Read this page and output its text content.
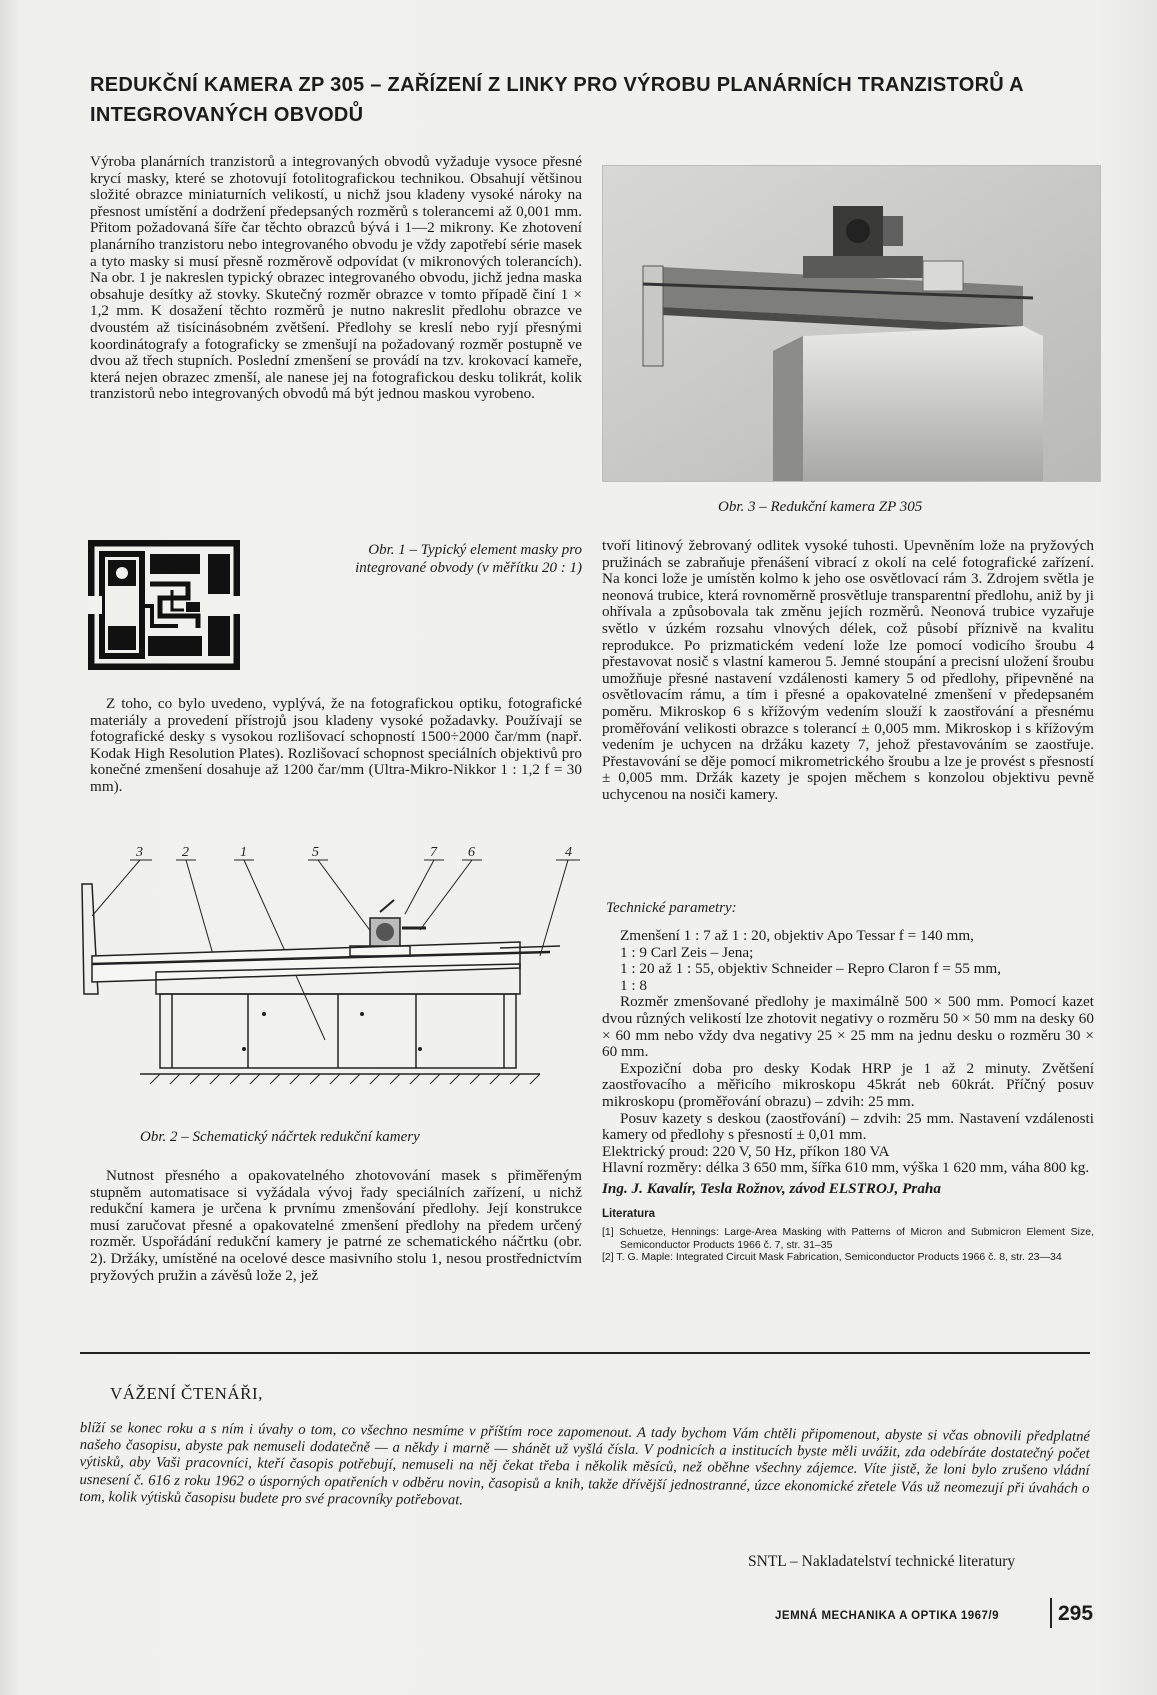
REDUKČNÍ KAMERA ZP 305 – ZAŘÍZENÍ Z LINKY PRO VÝROBU PLANÁRNÍCH TRANZISTORŮ A INTEGROVANÝCH OBVODŮ

Výroba planárních tranzistorů a integrovaných obvodů vyžaduje vysoce přesné krycí masky, které se zhotovují fotolitografickou technikou. Obsahují většinou složité obrazce miniaturních velikostí, u nichž jsou kladeny vysoké nároky na přesnost umístění a dodržení předepsaných rozměrů s tolerancemi až 0,001 mm. Přitom požadovaná šíře čar těchto obrazců bývá i 1—2 mikrony. Ke zhotovení planárního tranzistoru nebo integrovaného obvodu je vždy zapotřebí série masek a tyto masky si musí přesně rozměrově odpovídat (v mikronových tolerancích). Na obr. 1 je nakreslen typický obrazec integrovaného obvodu, jichž jedna maska obsahuje desítky až stovky. Skutečný rozměr obrazce v tomto případě činí 1 × 1,2 mm. K dosažení těchto rozměrů je nutno nakreslit předlohu obrazce ve dvoustém až tisícinásobném zvětšení. Předlohy se kreslí nebo ryjí přesnými koordinátografy a fotograficky se zmenšují na požadovaný rozměr postupně ve dvou až třech stupních. Poslední zmenšení se provádí na tzv. krokovací kameře, která nejen obrazec zmenší, ale nanese jej na fotografickou desku tolikrát, kolik tranzistorů nebo integrovaných obvodů má být jednou maskou vyrobeno.

Obr. 1 – Typický element masky pro integrované obvody (v měřítku 20 : 1)

Z toho, co bylo uvedeno, vyplývá, že na fotografickou optiku, fotografické materiály a provedení přístrojů jsou kladeny vysoké požadavky. Používají se fotografické desky s vysokou rozlišovací schopností 1500÷2000 čar/mm (např. Kodak High Resolution Plates). Rozlišovací schopnost speciálních objektivů pro konečné zmenšení dosahuje až 1200 čar/mm (Ultra-Mikro-Nikkor 1 : 1,2 f = 30 mm).

3	2	1	5	7 6	4
Obr. 2 – Schematický náčrtek redukční kamery

Nutnost přesného a opakovatelného zhotovování masek s přiměřeným stupněm automatisace si vyžádala vývoj řady speciálních zařízení, u nichž redukční kamera je určena k prvnímu zmenšování předlohy. Její konstrukce musí zaručovat přesné a opakovatelné zmenšení předlohy na předem určený rozměr. Uspořádání redukční kamery je patrné ze schematického náčrtku (obr. 2). Držáky, umístěné na ocelové desce masivního stolu 1, nesou prostřednictvím pryžových pružin a závěsů lože 2, jež

Obr. 3 – Redukční kamera ZP 305

tvoří litinový žebrovaný odlitek vysoké tuhosti. Upevněním lože na pryžových pružinách se zabraňuje přenášení vibrací z okolí na celé fotografické zařízení. Na konci lože je umístěn kolmo k jeho ose osvětlovací rám 3. Zdrojem světla je neonová trubice, která rovnoměrně prosvětluje transparentní předlohu, aniž by ji ohřívala a způsobovala tak změnu jejích rozměrů. Neonová trubice vyzařuje světlo v úzkém rozsahu vlnových délek, což působí příznivě na kvalitu reprodukce. Po prizmatickém vedení lože lze pomocí vodicího šroubu 4 přestavovat nosič s vlastní kamerou 5. Jemné stoupání a precisní uložení šroubu umožňuje přesné nastavení vzdálenosti kamery 5 od předlohy, připevněné na osvětlovacím rámu, a tím i přesné a opakovatelné zmenšení v předepsaném poměru. Mikroskop 6 s křížovým vedením slouží k zaostřování a přesnému proměřování velikosti obrazce s tolerancí ± 0,005 mm. Mikroskop i s křížovým vedením je uchycen na držáku kazety 7, jehož přestavováním se zaostřuje. Přestavování se děje pomocí mikrometrického šroubu a lze je provést s přesností ± 0,005 mm. Držák kazety je spojen měchem s konzolou objektivu pevně uchycenou na nosiči kamery.

Technické parametry:

Zmenšení 1 : 7 až 1 : 20, objektiv Apo Tessar f = 140 mm,

1 : 9 Carl Zeis – Jena;

1 : 20 až 1 : 55, objektiv Schneider – Repro Claron f = 55 mm,

1 : 8

Rozměr zmenšované předlohy je maximálně 500 × 500 mm. Pomocí kazet dvou různých velikostí lze zhotovit negativy o rozměru 50 × 50 mm na desky 60 × 60 mm nebo vždy dva negativy 25 × 25 mm na jednu desku o rozměru 30 × 60 mm.

Expoziční doba pro desky Kodak HRP je 1 až 2 minuty. Zvětšení zaostřovacího a měřicího mikroskopu 45krát neb 60krát. Příčný posuv mikroskopu (proměřování obrazu) – zdvih: 25 mm.

Posuv kazety s deskou (zaostřování) – zdvih: 25 mm. Nastavení vzdálenosti kamery od předlohy s přesností ± 0,01 mm.

Elektrický proud: 220 V, 50 Hz, příkon 180 VA

Hlavní rozměry: délka 3 650 mm, šířka 610 mm, výška 1 620 mm, váha 800 kg.

Ing. J. Kavalír, Tesla Rožnov, závod ELSTROJ, Praha

Literatura

[1] Schuetze, Hennings: Large-Area Masking with Patterns of Micron and Submicron Element Size, Semiconductor Products 1966 č. 7, str. 31–35

[2] T. G. Maple: Integrated Circuit Mask Fabrication, Semiconductor Products 1966 č. 8, str. 23—34

VÁŽENÍ ČTENÁŘI,
blíží se konec roku a s ním i úvahy o tom, co všechno nesmíme v příštím roce zapomenout. A tady bychom Vám chtěli připomenout, abyste si včas obnovili předplatné našeho časopisu, abyste pak nemuseli dodatečně — a někdy i marně — shánět už vyšlá čísla. V podnicích a institucích byste měli uvážit, zda odebíráte dostatečný počet výtisků, aby Vaši pracovníci, kteří časopis potřebují, nemuseli na něj čekat třeba i několik měsíců, než oběhne všechny zájemce. Víte jistě, že loni bylo zrušeno vládní usnesení č. 616 z roku 1962 o úsporných opatřeních v odběru novin, časopisů a knih, takže dřívější jednostranné, úzce ekonomické zřetele Vás už neomezují při úvahách o tom, kolik výtisků časopisu budete pro své pracovníky potřebovat.
SNTL – Nakladatelství technické literatury
JEMNÁ MECHANIKA A OPTIKA 1967/9	295
